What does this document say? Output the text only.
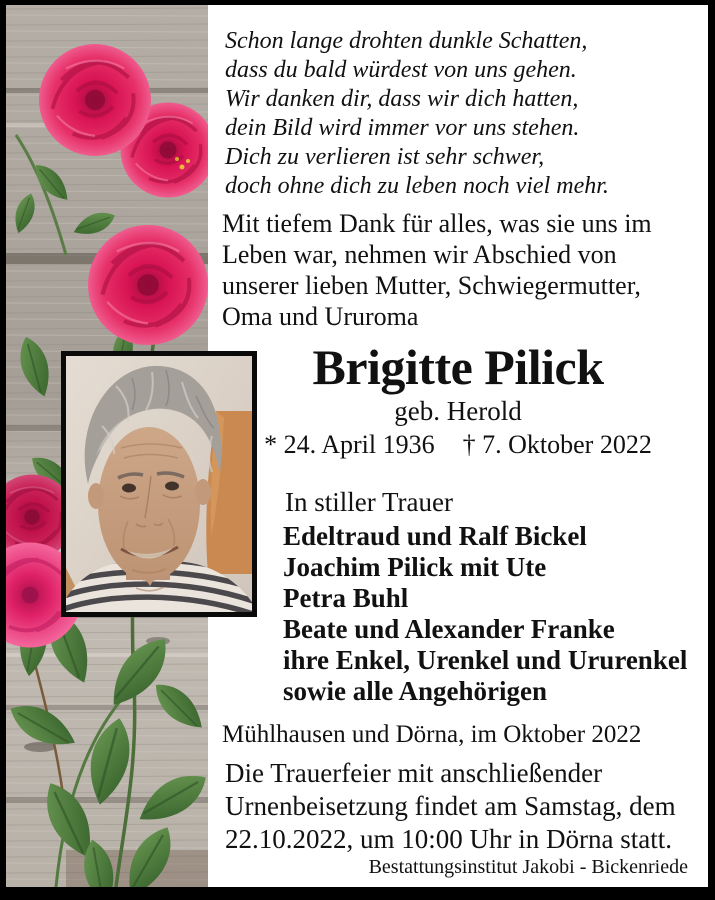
Schon lange drohten dunkle Schatten,
dass du bald würdest von uns gehen.
Wir danken dir, dass wir dich hatten,
dein Bild wird immer vor uns stehen.
Dich zu verlieren ist sehr schwer,
doch ohne dich zu leben noch viel mehr.
Mit tiefem Dank für alles, was sie uns im
Leben war, nehmen wir Abschied von
unserer lieben Mutter, Schwiegermutter,
Oma und Ururoma
Brigitte Pilick
geb. Herold
* 24. April 1936 † 7. Oktober 2022
In stiller Trauer
Edeltraud und Ralf Bickel
Joachim Pilick mit Ute
Petra Buhl
Beate und Alexander Franke
ihre Enkel, Urenkel und Ururenkel
sowie alle Angehörigen
Mühlhausen und Dörna, im Oktober 2022
Die Trauerfeier mit anschließender
Urnenbeisetzung findet am Samstag, dem
22.10.2022, um 10:00 Uhr in Dörna statt.
Bestattungsinstitut Jakobi - Bickenriede
